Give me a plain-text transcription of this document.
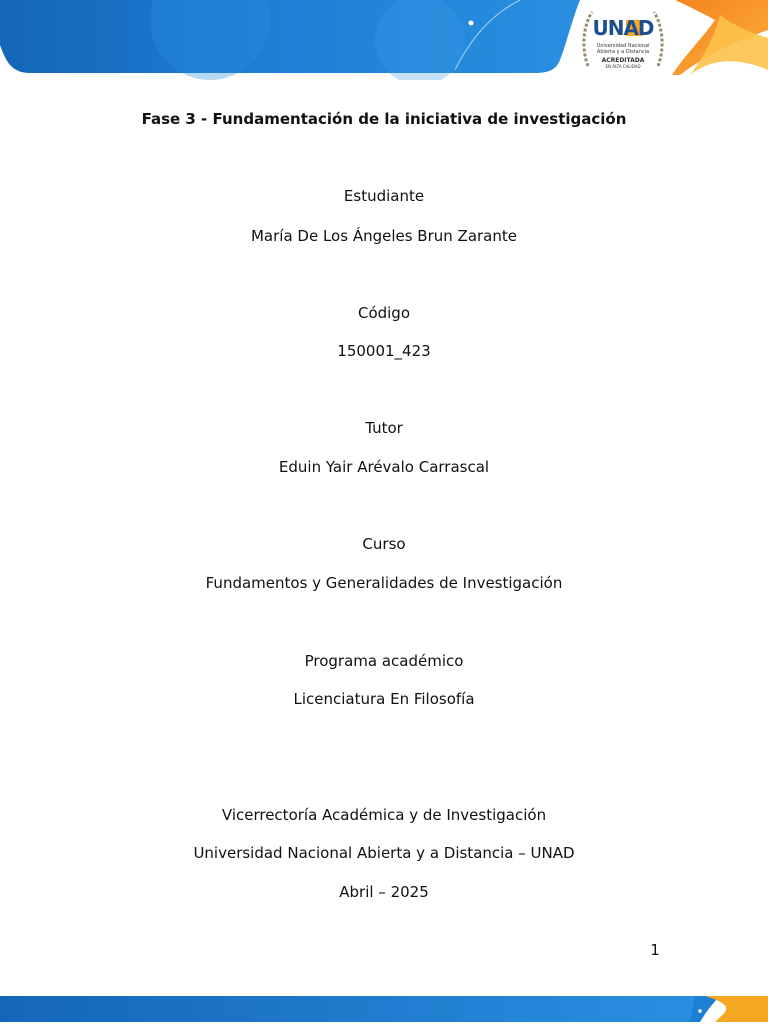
UNAD
Universidad Nacional
Abierta y a Distancia
ACREDITADA
EN ALTA CALIDAD
Fase 3 - Fundamentación de la iniciativa de investigación
Estudiante
María De Los Ángeles Brun Zarante
Código
150001_423
Tutor
Eduin Yair Arévalo Carrascal
Curso
Fundamentos y Generalidades de Investigación
Programa académico
Licenciatura En Filosofía
Vicerrectoría Académica y de Investigación
Universidad Nacional Abierta y a Distancia – UNAD
Abril – 2025
1
